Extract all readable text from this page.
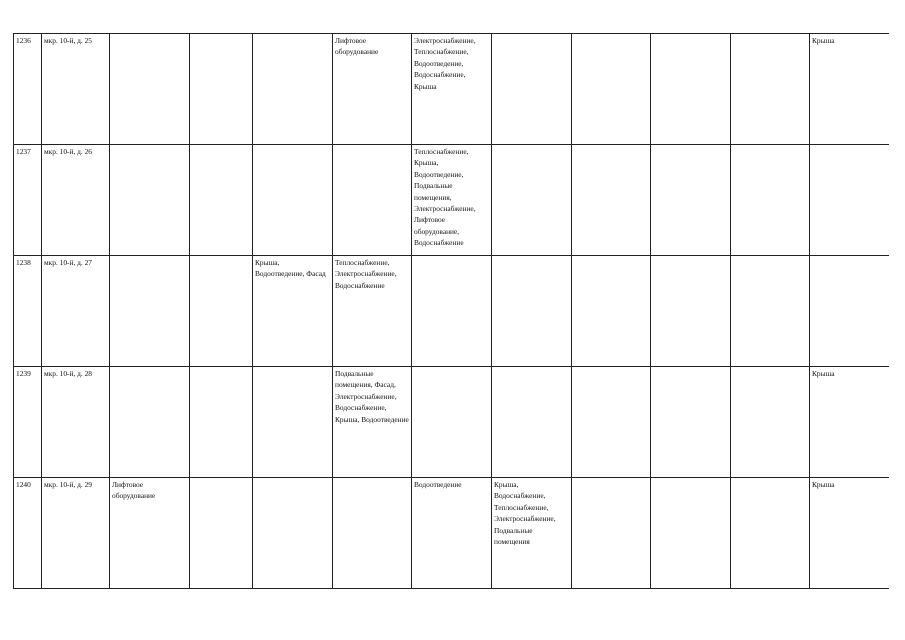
1236	мкр. 10-й, д. 25				Лифтовое оборудование	Электроснабжение, Теплоснабжение, Водоотведение, Водоснабжение, Крыша					Крыша
1237	мкр. 10-й, д. 26					Теплоснабжение, Крыша, Водоотведение, Подвальные помещения, Электроснабжение, Лифтовое оборудование, Водоснабжение					
1238	мкр. 10-й, д. 27			Крыша, Водоотведение, Фасад	Теплоснабжение, Электроснабжение, Водоснабжение						
1239	мкр. 10-й, д. 28				Подвальные помещения, Фасад, Электроснабжение, Водоснабжение, Крыша, Водоотведение						Крыша
1240	мкр. 10-й, д. 29	Лифтовое оборудование				Водоотведение	Крыша, Водоснабжение, Теплоснабжение, Электроснабжение, Подвальные помещения				Крыша
